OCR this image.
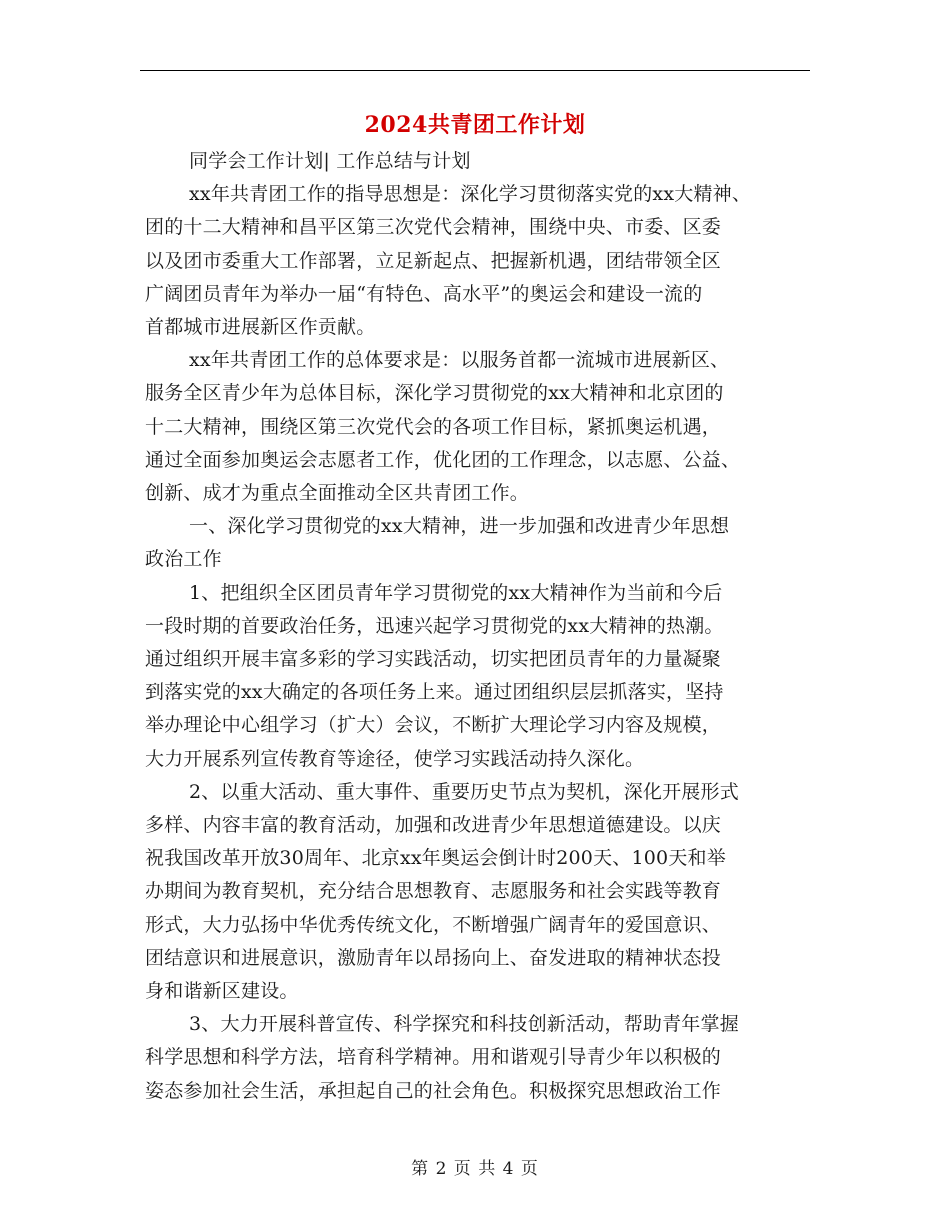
2024共青团工作计划

同学会工作计划| 工作总结与计划

xx年共青团工作的指导思想是：深化学习贯彻落实党的xx大精神、
团的十二大精神和昌平区第三次党代会精神，围绕中央、市委、区委
以及团市委重大工作部署，立足新起点、把握新机遇，团结带领全区
广阔团员青年为举办一届“有特色、高水平”的奥运会和建设一流的
首都城市进展新区作贡献。

xx年共青团工作的总体要求是：以服务首都一流城市进展新区、
服务全区青少年为总体目标，深化学习贯彻党的xx大精神和北京团的
十二大精神，围绕区第三次党代会的各项工作目标，紧抓奥运机遇，
通过全面参加奥运会志愿者工作，优化团的工作理念，以志愿、公益、
创新、成才为重点全面推动全区共青团工作。

一、深化学习贯彻党的xx大精神，进一步加强和改进青少年思想
政治工作

1、把组织全区团员青年学习贯彻党的xx大精神作为当前和今后
一段时期的首要政治任务，迅速兴起学习贯彻党的xx大精神的热潮。
通过组织开展丰富多彩的学习实践活动，切实把团员青年的力量凝聚
到落实党的xx大确定的各项任务上来。通过团组织层层抓落实，坚持
举办理论中心组学习（扩大）会议，不断扩大理论学习内容及规模，
大力开展系列宣传教育等途径，使学习实践活动持久深化。

2、以重大活动、重大事件、重要历史节点为契机，深化开展形式
多样、内容丰富的教育活动，加强和改进青少年思想道德建设。以庆
祝我国改革开放30周年、北京xx年奥运会倒计时200天、100天和举
办期间为教育契机，充分结合思想教育、志愿服务和社会实践等教育
形式，大力弘扬中华优秀传统文化，不断增强广阔青年的爱国意识、
团结意识和进展意识，激励青年以昂扬向上、奋发进取的精神状态投
身和谐新区建设。

3、大力开展科普宣传、科学探究和科技创新活动，帮助青年掌握
科学思想和科学方法，培育科学精神。用和谐观引导青少年以积极的
姿态参加社会生活，承担起自己的社会角色。积极探究思想政治工作

第 2 页 共 4 页
